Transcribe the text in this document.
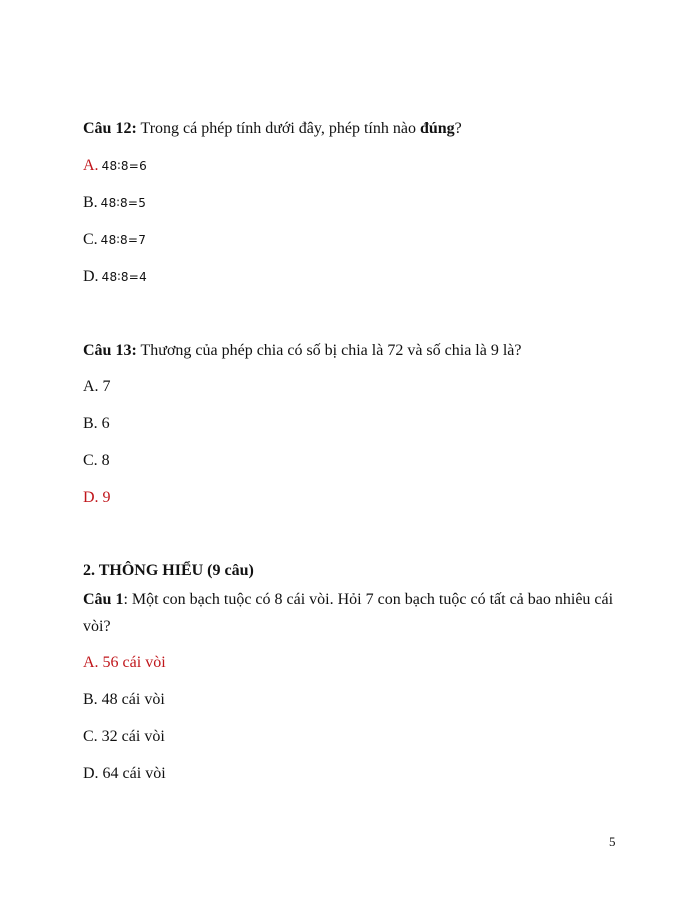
Câu 12: Trong cá phép tính dưới đây, phép tính nào đúng?
A. 48∶8=6
B. 48∶8=5
C. 48∶8=7
D. 48∶8=4
Câu 13: Thương của phép chia có số bị chia là 72 và số chia là 9 là?
A. 7
B. 6
C. 8
D. 9
2. THÔNG HIỂU (9 câu)
Câu 1: Một con bạch tuộc có 8 cái vòi. Hỏi 7 con bạch tuộc có tất cả bao nhiêu cái
vòi?
A. 56 cái vòi
B. 48 cái vòi
C. 32 cái vòi
D. 64 cái vòi
5
